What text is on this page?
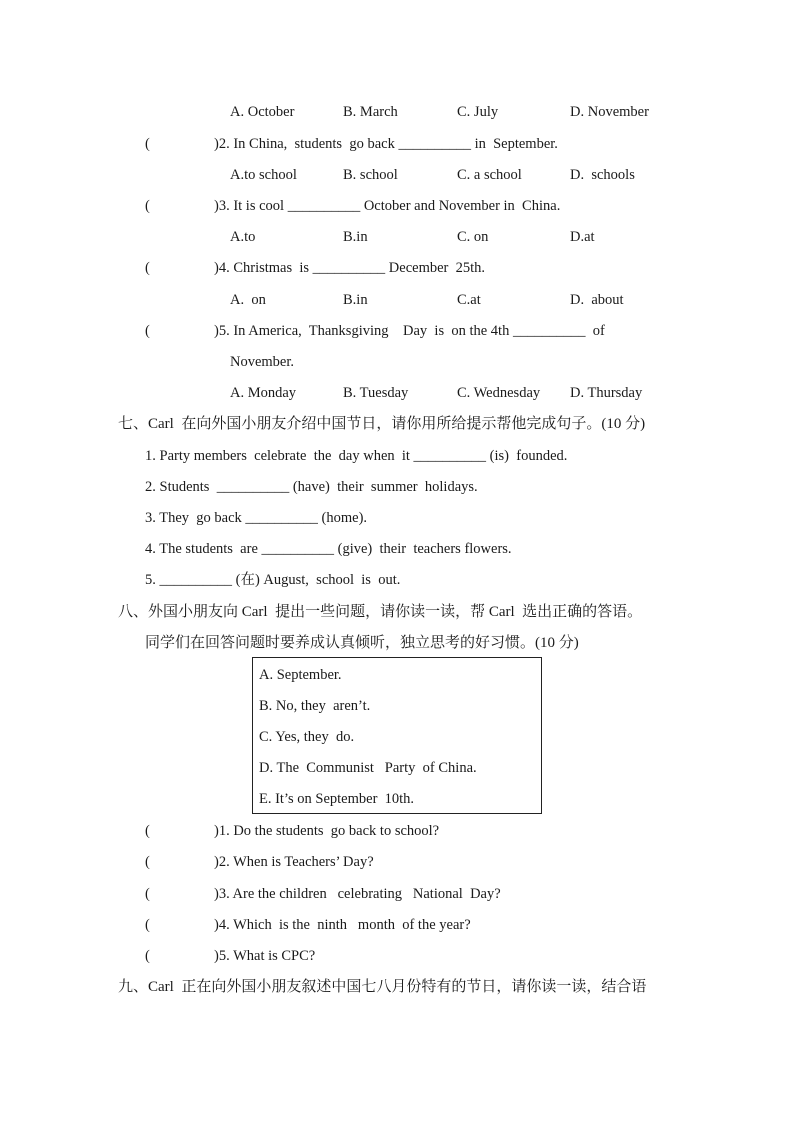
A. October	B. March	C. July	D. November
(	)2. In China,  students  go back __________ in  September.
A.to school	B. school	C. a school	D.  schools
(	)3. It is cool __________ October and November in  China.
A.to	B.in	C. on	D.at
(	)4. Christmas  is __________ December  25th.
A.  on	B.in	C.at	D.  about
(	)5. In America,  Thanksgiving    Day  is  on the 4th __________  of
November.
A. Monday	B. Tuesday	C. Wednesday D. Thursday
七、Carl  在向外国小朋友介绍中国节日，请你用所给提示帮他完成句子。(10 分)
1. Party members  celebrate  the  day when  it __________ (is)  founded.
2. Students  __________ (have)  their  summer  holidays.
3. They  go back __________ (home).
4. The students  are __________ (give)  their  teachers flowers.
5. __________ (在) August,  school  is  out.
八、外国小朋友向 Carl  提出一些问题，请你读一读，帮 Carl  选出正确的答语。
同学们在回答问题时要养成认真倾听，独立思考的好习惯。(10 分)
A. September.
B. No, they  aren’t.
C. Yes, they  do.
D. The  Communist   Party  of China.
E. It’s on September  10th.
(	)1. Do the students  go back to school?
(	)2. When is Teachers’ Day?
(	)3. Are the children   celebrating   National  Day?
(	)4. Which  is the  ninth   month  of the year?
(	)5. What is CPC?
九、Carl  正在向外国小朋友叙述中国七八月份特有的节日，请你读一读，结合语
